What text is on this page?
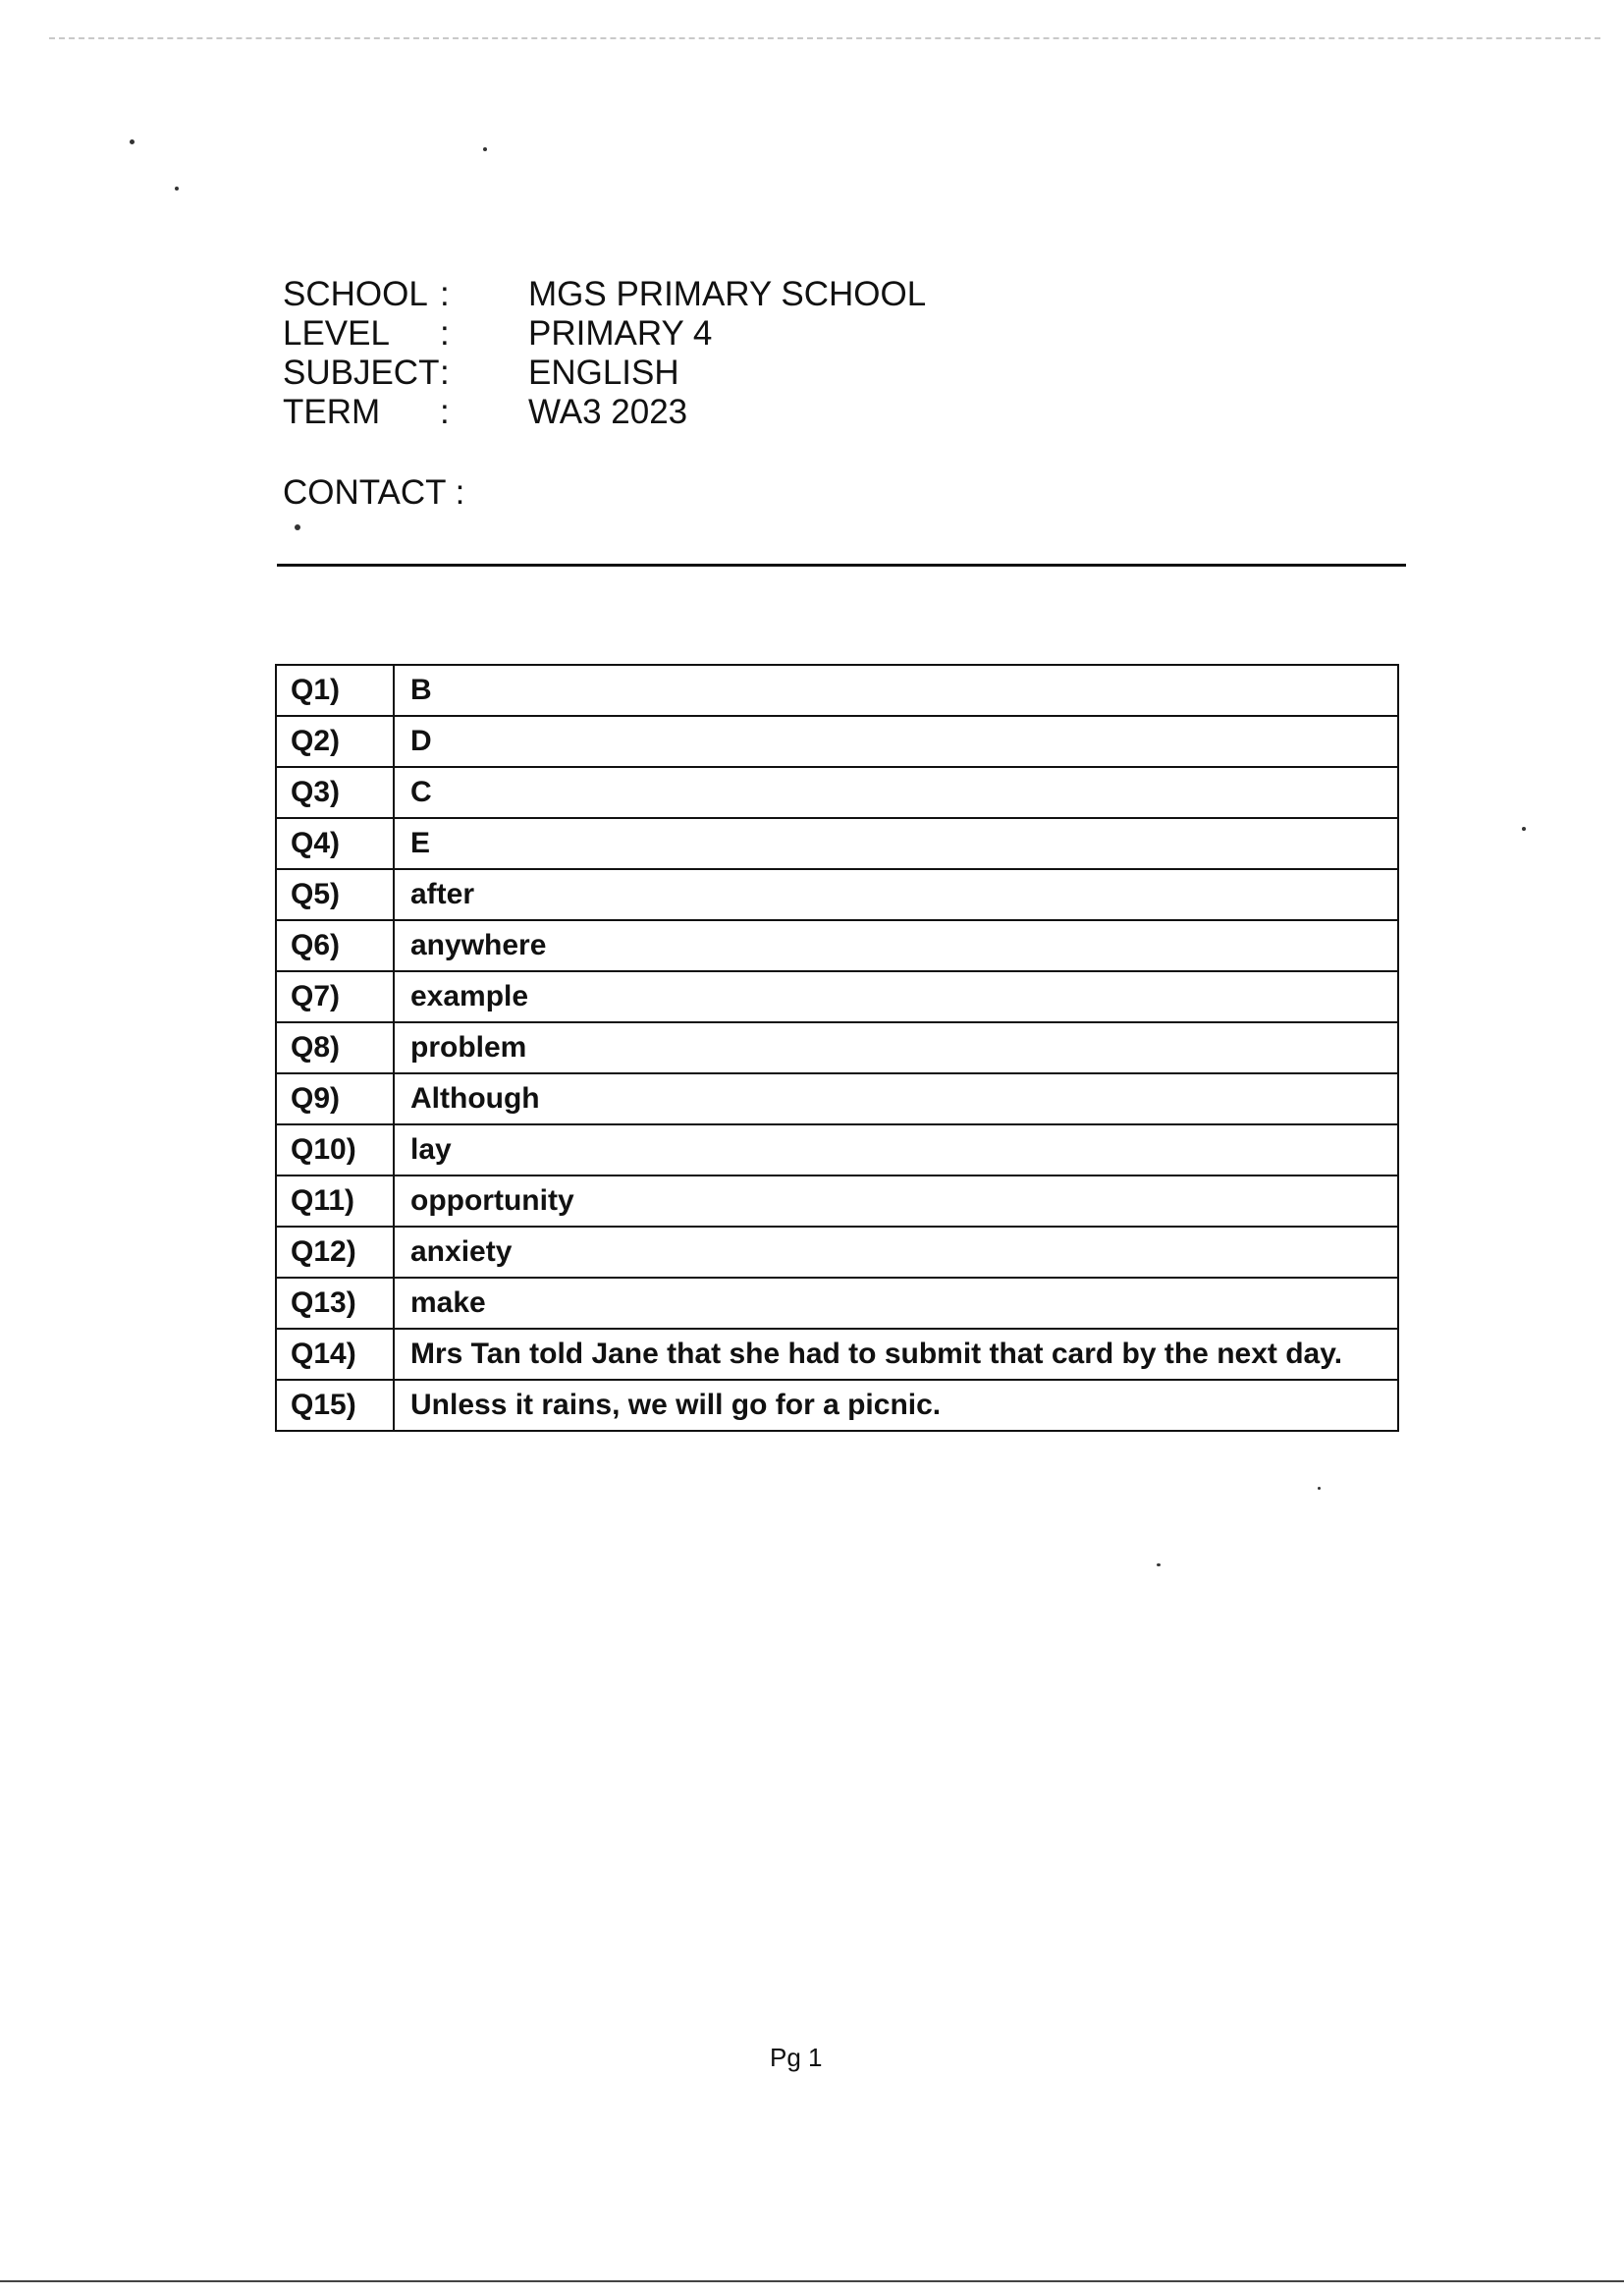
SCHOOL :	MGS PRIMARY SCHOOL
LEVEL	:	PRIMARY 4
SUBJECT :	ENGLISH
TERM	:	WA3 2023
CONTACT :
Q1)	B
Q2)	D
Q3)	C
Q4)	E
Q5)	after
Q6)	anywhere
Q7)	example
Q8)	problem
Q9)	Although
Q10)	lay
Q11)	opportunity
Q12)	anxiety
Q13)	make
Q14)	Mrs Tan told Jane that she had to submit that card by the next day.
Q15)	Unless it rains, we will go for a picnic.
Pg 1
